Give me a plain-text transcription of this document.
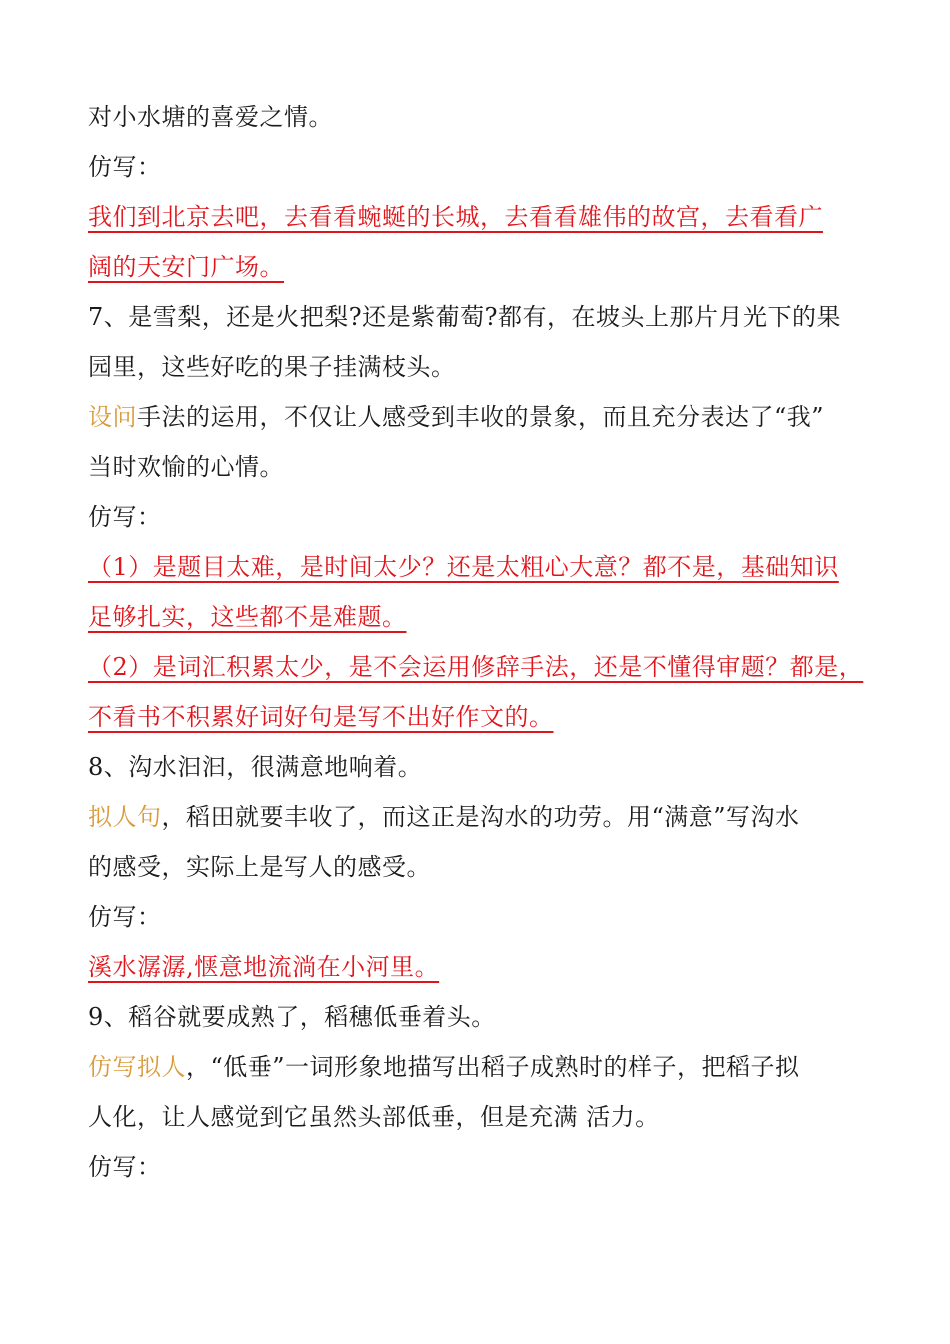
对小水塘的喜爱之情。
仿写：
我们到北京去吧，去看看蜿蜒的长城，去看看雄伟的故宫，去看看广
阔的天安门广场。
7、是雪梨，还是火把梨?还是紫葡萄?都有，在坡头上那片月光下的果
园里，这些好吃的果子挂满枝头。
设问手法的运用，不仅让人感受到丰收的景象，而且充分表达了“我”
当时欢愉的心情。
仿写：
（1）是题目太难，是时间太少？还是太粗心大意？都不是，基础知识
足够扎实，这些都不是难题。
（2）是词汇积累太少，是不会运用修辞手法，还是不懂得审题？都是，
不看书不积累好词好句是写不出好作文的。
8、沟水汩汩，很满意地响着。
拟人句，稻田就要丰收了，而这正是沟水的功劳。用“满意”写沟水
的感受，实际上是写人的感受。
仿写：
溪水潺潺,惬意地流淌在小河里。
9、稻谷就要成熟了，稻穗低垂着头。
仿写拟人，“低垂”一词形象地描写出稻子成熟时的样子，把稻子拟
人化，让人感觉到它虽然头部低垂，但是充满 活力。
仿写：
